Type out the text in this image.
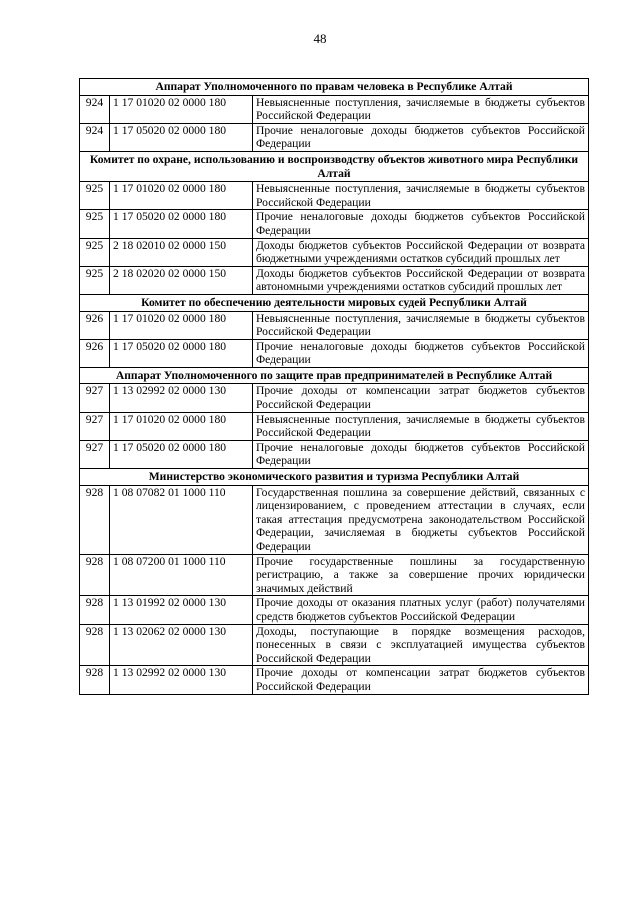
48
Аппарат Уполномоченного по правам человека в Республике Алтай		
924	1 17 01020 02 0000 180	Невыясненные поступления, зачисляемые в бюджеты субъектов Российской Федерации
924	1 17 05020 02 0000 180	Прочие неналоговые доходы бюджетов субъектов Российской Федерации
Комитет по охране, использованию и воспроизводству объектов животного мира Республики Алтай		
925	1 17 01020 02 0000 180	Невыясненные поступления, зачисляемые в бюджеты субъектов Российской Федерации
925	1 17 05020 02 0000 180	Прочие неналоговые доходы бюджетов субъектов Российской Федерации
925	2 18 02010 02 0000 150	Доходы бюджетов субъектов Российской Федерации от возврата бюджетными учреждениями остатков субсидий прошлых лет
925	2 18 02020 02 0000 150	Доходы бюджетов субъектов Российской Федерации от возврата автономными учреждениями остатков субсидий прошлых лет
Комитет по обеспечению деятельности мировых судей Республики Алтай		
926	1 17 01020 02 0000 180	Невыясненные поступления, зачисляемые в бюджеты субъектов Российской Федерации
926	1 17 05020 02 0000 180	Прочие неналоговые доходы бюджетов субъектов Российской Федерации
Аппарат Уполномоченного по защите прав предпринимателей в Республике Алтай		
927	1 13 02992 02 0000 130	Прочие доходы от компенсации затрат бюджетов субъектов Российской Федерации
927	1 17 01020 02 0000 180	Невыясненные поступления, зачисляемые в бюджеты субъектов Российской Федерации
927	1 17 05020 02 0000 180	Прочие неналоговые доходы бюджетов субъектов Российской Федерации
Министерство экономического развития и туризма Республики Алтай		
928	1 08 07082 01 1000 110	Государственная пошлина за совершение действий, связанных с лицензированием, с проведением аттестации в случаях, если такая аттестация предусмотрена законодательством Российской Федерации, зачисляемая в бюджеты субъектов Российской Федерации
928	1 08 07200 01 1000 110	Прочие государственные пошлины за государственную регистрацию, а также за совершение прочих юридически значимых действий
928	1 13 01992 02 0000 130	Прочие доходы от оказания платных услуг (работ) получателями средств бюджетов субъектов Российской Федерации
928	1 13 02062 02 0000 130	Доходы, поступающие в порядке возмещения расходов, понесенных в связи с эксплуатацией имущества субъектов Российской Федерации
928	1 13 02992 02 0000 130	Прочие доходы от компенсации затрат бюджетов субъектов Российской Федерации
